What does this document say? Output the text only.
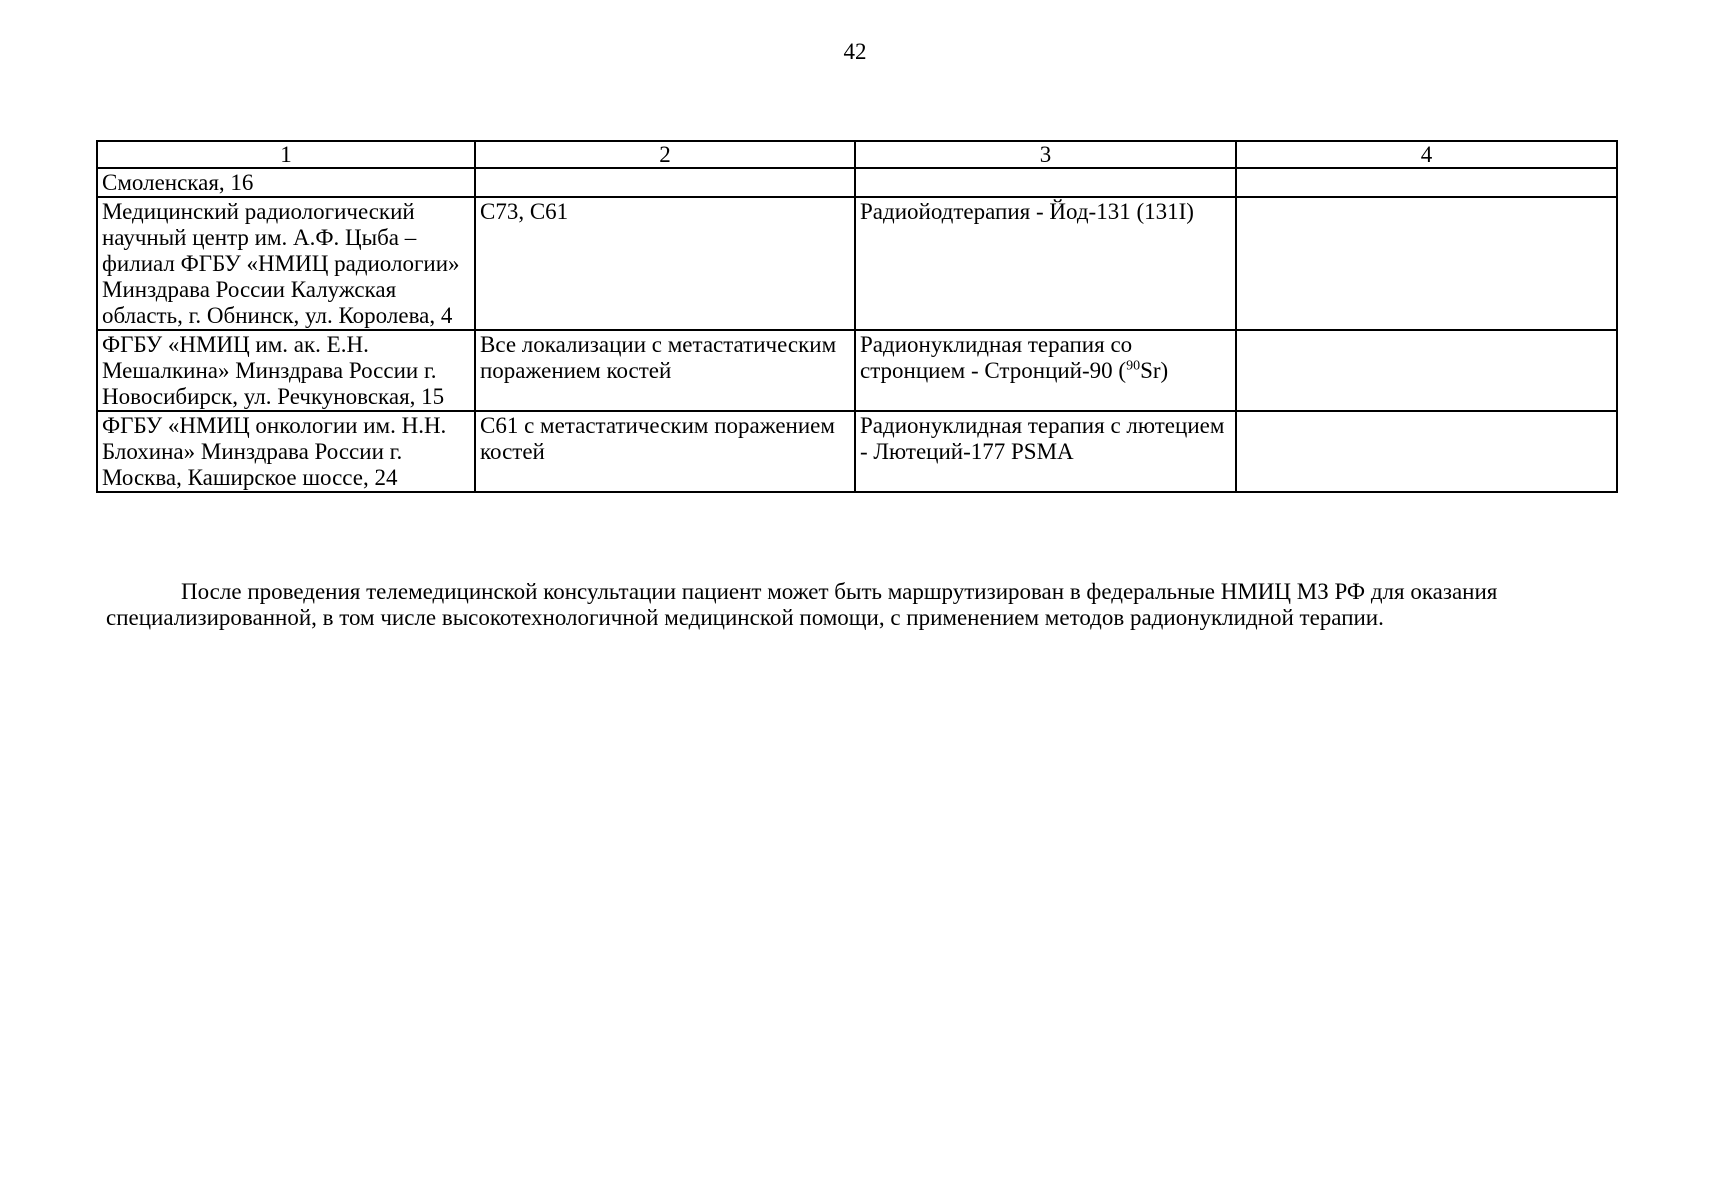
42
1	2	3	4
Смоленская, 16			
Медицинский радиологический научный центр им. А.Ф. Цыба – филиал ФГБУ «НМИЦ радиологии» Минздрава России Калужская область, г. Обнинск, ул. Королева, 4	С73, С61	Радиойодтерапия - Йод-131 (131I)	
ФГБУ «НМИЦ им. ак. Е.Н. Мешалкина» Минздрава России г. Новосибирск, ул. Речкуновская, 15	Все локализации с метастатическим поражением костей	Радионуклидная терапия со стронцием - Стронций-90 ($^{90}$Sr)	
ФГБУ «НМИЦ онкологии им. Н.Н. Блохина» Минздрава России г. Москва, Каширское шоссе, 24	С61 с метастатическим поражением костей	Радионуклидная терапия с лютецием - Лютеций-177 PSMA	

После проведения телемедицинской консультации пациент может быть маршрутизирован в федеральные НМИЦ МЗ РФ для оказания специализированной, в том числе высокотехнологичной медицинской помощи, с применением методов радионуклидной терапии.
